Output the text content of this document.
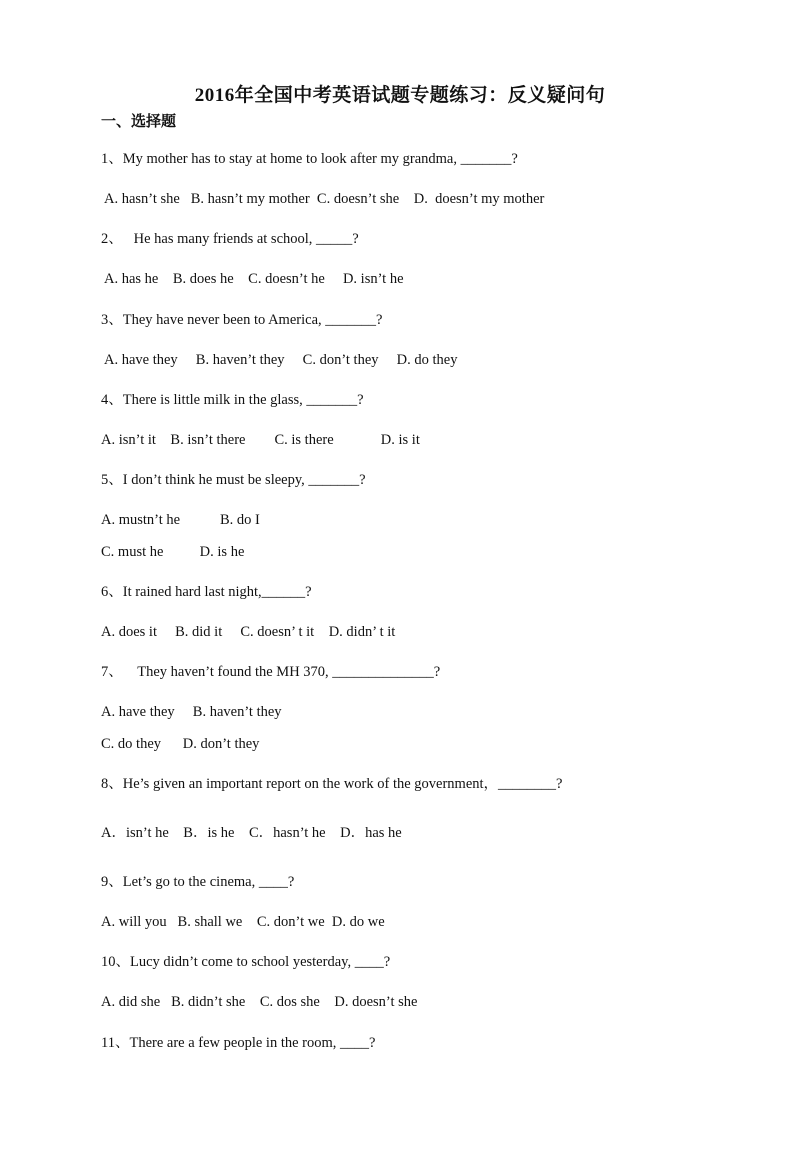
2016年全国中考英语试题专题练习：反义疑问句
一、选择题
1、My mother has to stay at home to look after my grandma, _______?
A. hasn’t she   B. hasn’t my mother  C. doesn’t she    D.  doesn’t my mother
2、   He has many friends at school, _____?
A. has he    B. does he    C. doesn’t he     D. isn’t he
3、They have never been to America, _______?
A. have they     B. haven’t they     C. don’t they     D. do they
4、There is little milk in the glass, _______?
A. isn’t it    B. isn’t there        C. is there             D. is it
5、I don’t think he must be sleepy, _______?
A. mustn’t he           B. do I
C. must he          D. is he
6、It rained hard last night,______?
A. does it     B. did it     C. doesn’ t it    D. didn’ t it
7、    They haven’t found the MH 370, ______________?
A. have they     B. haven’t they
C. do they      D. don’t they
8、He’s given an important report on the work of the government，________?
A．isn’t he    B．is he    C．hasn’t he    D．has he
9、Let’s go to the cinema, ____?
A. will you   B. shall we    C. don’t we  D. do we
10、Lucy didn’t come to school yesterday, ____?
A. did she   B. didn’t she    C. dos she    D. doesn’t she
11、There are a few people in the room, ____?
